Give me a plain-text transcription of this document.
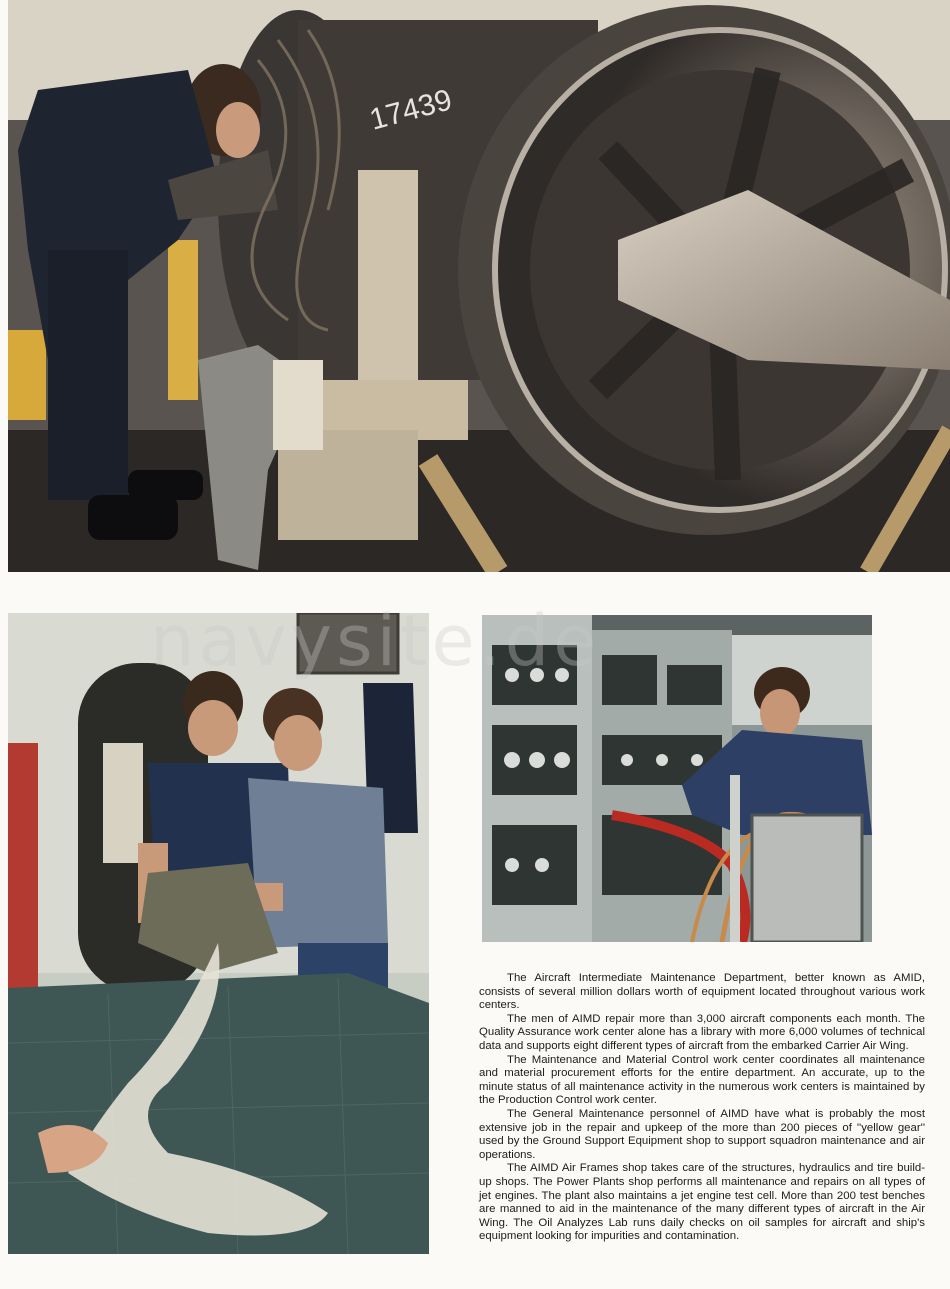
17439
navysite.de

The Aircraft Intermediate Maintenance Department, better known as AMID, consists of several million dollars worth of equipment located throughout various work centers.

The men of AIMD repair more than 3,000 aircraft components each month. The Quality Assurance work center alone has a library with more 6,000 volumes of technical data and supports eight different types of aircraft from the embarked Carrier Air Wing.

The Maintenance and Material Control work center coordinates all maintenance and material procurement efforts for the entire department. An accurate, up to the minute status of all maintenance activity in the numerous work centers is maintained by the Production Control work center.

The General Maintenance personnel of AIMD have what is probably the most extensive job in the repair and upkeep of the more than 200 pieces of ''yellow gear'' used by the Ground Support Equipment shop to support squadron maintenance and air operations.

The AIMD Air Frames shop takes care of the structures, hydraulics and tire build-up shops. The Power Plants shop performs all maintenance and repairs on all types of jet engines. The plant also maintains a jet engine test cell. More than 200 test benches are manned to aid in the maintenance of the many different types of aircraft in the Air Wing. The Oil Analyzes Lab runs daily checks on oil samples for aircraft and ship's equipment looking for impurities and contamination.
